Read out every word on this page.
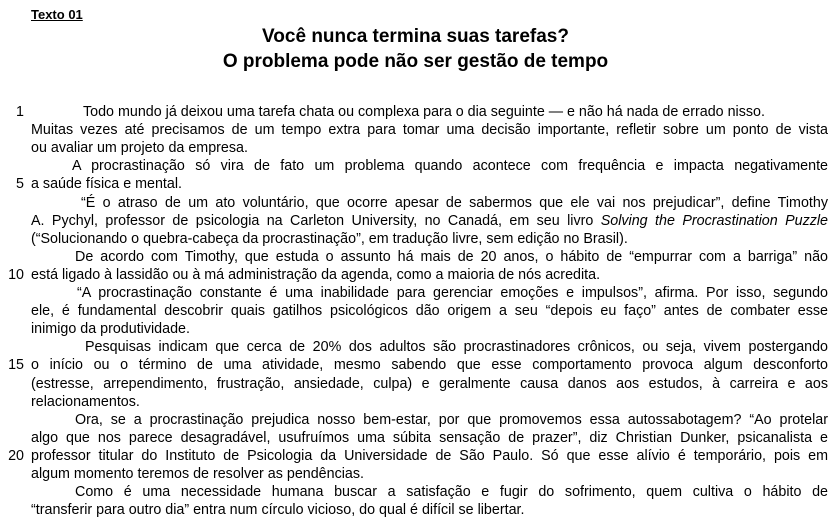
Texto 01

Você nunca termina suas tarefas?
O problema pode não ser gestão de tempo

Todo mundo já deixou uma tarefa chata ou complexa para o dia seguinte — e não há nada de errado nisso.

1

Muitas vezes até precisamos de um tempo extra para tomar uma decisão importante, refletir sobre um ponto de vista

ou avaliar um projeto da empresa.

A procrastinação só vira de fato um problema quando acontece com frequência e impacta negativamente

a saúde física e mental.

5

“É o atraso de um ato voluntário, que ocorre apesar de sabermos que ele vai nos prejudicar”, define Timothy

A. Pychyl, professor de psicologia na Carleton University, no Canadá, em seu livro Solving the Procrastination Puzzle

(“Solucionando o quebra-cabeça da procrastinação”, em tradução livre, sem edição no Brasil).

De acordo com Timothy, que estuda o assunto há mais de 20 anos, o hábito de “empurrar com a barriga” não

está ligado à lassidão ou à má administração da agenda, como a maioria de nós acredita.

10

“A procrastinação constante é uma inabilidade para gerenciar emoções e impulsos”, afirma. Por isso, segundo

ele, é fundamental descobrir quais gatilhos psicológicos dão origem a seu “depois eu faço” antes de combater esse

inimigo da produtividade.

Pesquisas indicam que cerca de 20% dos adultos são procrastinadores crônicos, ou seja, vivem postergando

o início ou o término de uma atividade, mesmo sabendo que esse comportamento provoca algum desconforto

15

(estresse, arrependimento, frustração, ansiedade, culpa) e geralmente causa danos aos estudos, à carreira e aos

relacionamentos.

Ora, se a procrastinação prejudica nosso bem-estar, por que promovemos essa autossabotagem? “Ao protelar

algo que nos parece desagradável, usufruímos uma súbita sensação de prazer”, diz Christian Dunker, psicanalista e

professor titular do Instituto de Psicologia da Universidade de São Paulo. Só que esse alívio é temporário, pois em

20

algum momento teremos de resolver as pendências.

Como é uma necessidade humana buscar a satisfação e fugir do sofrimento, quem cultiva o hábito de

“transferir para outro dia” entra num círculo vicioso, do qual é difícil se libertar.
